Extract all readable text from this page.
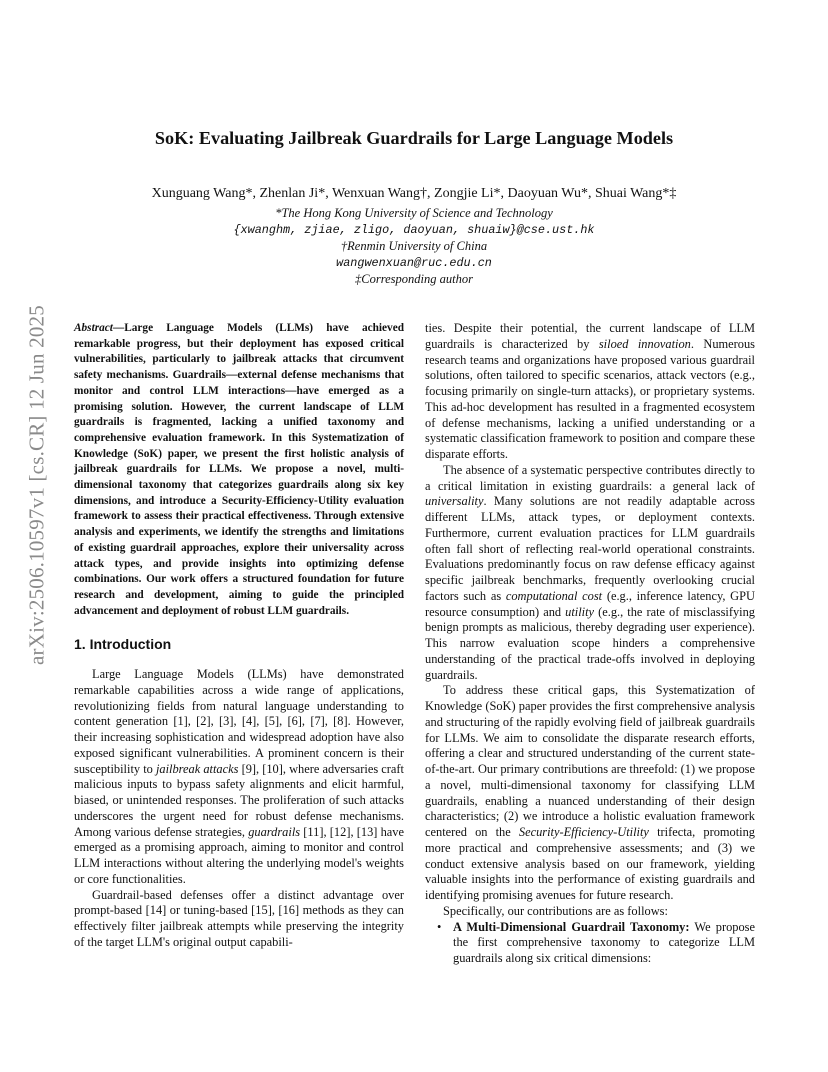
arXiv:2506.10597v1 [cs.CR] 12 Jun 2025
SoK: Evaluating Jailbreak Guardrails for Large Language Models
Xunguang Wang*, Zhenlan Ji*, Wenxuan Wang†, Zongjie Li*, Daoyuan Wu*, Shuai Wang*‡
*The Hong Kong University of Science and Technology
{xwanghm, zjiae, zligo, daoyuan, shuaiw}@cse.ust.hk
†Renmin University of China
wangwenxuan@ruc.edu.cn
‡Corresponding author

Abstract—Large Language Models (LLMs) have achieved remarkable progress, but their deployment has exposed critical vulnerabilities, particularly to jailbreak attacks that circumvent safety mechanisms. Guardrails—external defense mechanisms that monitor and control LLM interactions—have emerged as a promising solution. However, the current landscape of LLM guardrails is fragmented, lacking a unified taxonomy and comprehensive evaluation framework. In this Systematization of Knowledge (SoK) paper, we present the first holistic analysis of jailbreak guardrails for LLMs. We propose a novel, multi-dimensional taxonomy that categorizes guardrails along six key dimensions, and introduce a Security-Efficiency-Utility evaluation framework to assess their practical effectiveness. Through extensive analysis and experiments, we identify the strengths and limitations of existing guardrail approaches, explore their universality across attack types, and provide insights into optimizing defense combinations. Our work offers a structured foundation for future research and development, aiming to guide the principled advancement and deployment of robust LLM guardrails.

1. Introduction

Large Language Models (LLMs) have demonstrated remarkable capabilities across a wide range of applications, revolutionizing fields from natural language understanding to content generation [1], [2], [3], [4], [5], [6], [7], [8]. However, their increasing sophistication and widespread adoption have also exposed significant vulnerabilities. A prominent concern is their susceptibility to jailbreak attacks [9], [10], where adversaries craft malicious inputs to bypass safety alignments and elicit harmful, biased, or unintended responses. The proliferation of such attacks underscores the urgent need for robust defense mechanisms. Among various defense strategies, guardrails [11], [12], [13] have emerged as a promising approach, aiming to monitor and control LLM interactions without altering the underlying model's weights or core functionalities.

Guardrail-based defenses offer a distinct advantage over prompt-based [14] or tuning-based [15], [16] methods as they can effectively filter jailbreak attempts while preserving the integrity of the target LLM's original output capabili-

ties. Despite their potential, the current landscape of LLM guardrails is characterized by siloed innovation. Numerous research teams and organizations have proposed various guardrail solutions, often tailored to specific scenarios, attack vectors (e.g., focusing primarily on single-turn attacks), or proprietary systems. This ad-hoc development has resulted in a fragmented ecosystem of defense mechanisms, lacking a unified understanding or a systematic classification framework to position and compare these disparate efforts.

The absence of a systematic perspective contributes directly to a critical limitation in existing guardrails: a general lack of universality. Many solutions are not readily adaptable across different LLMs, attack types, or deployment contexts. Furthermore, current evaluation practices for LLM guardrails often fall short of reflecting real-world operational constraints. Evaluations predominantly focus on raw defense efficacy against specific jailbreak benchmarks, frequently overlooking crucial factors such as computational cost (e.g., inference latency, GPU resource consumption) and utility (e.g., the rate of misclassifying benign prompts as malicious, thereby degrading user experience). This narrow evaluation scope hinders a comprehensive understanding of the practical trade-offs involved in deploying guardrails.

To address these critical gaps, this Systematization of Knowledge (SoK) paper provides the first comprehensive analysis and structuring of the rapidly evolving field of jailbreak guardrails for LLMs. We aim to consolidate the disparate research efforts, offering a clear and structured understanding of the current state-of-the-art. Our primary contributions are threefold: (1) we propose a novel, multi-dimensional taxonomy for classifying LLM guardrails, enabling a nuanced understanding of their design characteristics; (2) we introduce a holistic evaluation framework centered on the Security-Efficiency-Utility trifecta, promoting more practical and comprehensive assessments; and (3) we conduct extensive analysis based on our framework, yielding valuable insights into the performance of existing guardrails and identifying promising avenues for future research.

Specifically, our contributions are as follows:

• A Multi-Dimensional Guardrail Taxonomy: We propose the first comprehensive taxonomy to categorize LLM guardrails along six critical dimensions:
